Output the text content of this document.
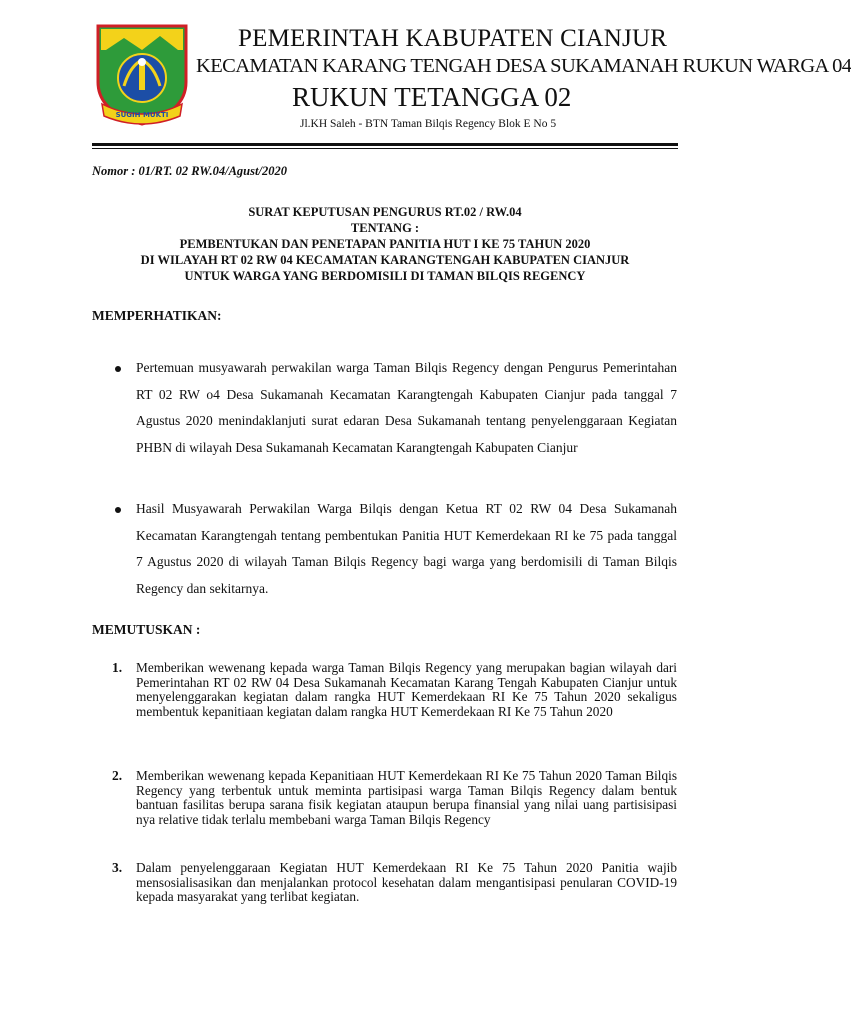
SUGIH MUKTI
PEMERINTAH KABUPATEN CIANJUR
KECAMATAN KARANG TENGAH DESA SUKAMANAH RUKUN WARGA 04
RUKUN TETANGGA 02
Jl.KH Saleh - BTN Taman Bilqis Regency Blok E No 5
Nomor : 01/RT. 02 RW.04/Agust/2020
SURAT KEPUTUSAN PENGURUS RT.02 / RW.04
TENTANG :
PEMBENTUKAN DAN PENETAPAN PANITIA HUT I KE 75 TAHUN 2020
DI WILAYAH RT 02 RW 04 KECAMATAN KARANGTENGAH KABUPATEN CIANJUR
UNTUK WARGA YANG BERDOMISILI DI TAMAN BILQIS REGENCY
MEMPERHATIKAN:
Pertemuan musyawarah perwakilan warga Taman Bilqis Regency dengan Pengurus Pemerintahan RT 02 RW o4 Desa Sukamanah Kecamatan Karangtengah Kabupaten Cianjur pada tanggal 7 Agustus 2020 menindaklanjuti surat edaran Desa Sukamanah tentang penyelenggaraan Kegiatan PHBN di wilayah Desa Sukamanah Kecamatan Karangtengah Kabupaten Cianjur
Hasil Musyawarah Perwakilan Warga Bilqis dengan Ketua RT 02 RW 04 Desa Sukamanah Kecamatan Karangtengah tentang pembentukan Panitia HUT Kemerdekaan RI ke 75 pada tanggal 7 Agustus 2020 di wilayah Taman Bilqis Regency bagi warga yang berdomisili di Taman Bilqis Regency dan sekitarnya.
MEMUTUSKAN :
1. Memberikan wewenang kepada warga Taman Bilqis Regency yang merupakan bagian wilayah dari Pemerintahan RT 02 RW 04 Desa Sukamanah Kecamatan Karang Tengah Kabupaten Cianjur untuk menyelenggarakan kegiatan dalam rangka HUT Kemerdekaan RI Ke 75 Tahun 2020 sekaligus membentuk kepanitiaan kegiatan dalam rangka HUT Kemerdekaan RI Ke 75 Tahun 2020
2. Memberikan wewenang kepada Kepanitiaan HUT Kemerdekaan RI Ke 75 Tahun 2020 Taman Bilqis Regency yang terbentuk untuk meminta partisipasi warga Taman Bilqis Regency dalam bentuk bantuan fasilitas berupa sarana fisik kegiatan ataupun berupa finansial yang nilai uang partisisipasi nya relative tidak terlalu membebani warga Taman Bilqis Regency
3. Dalam penyelenggaraan Kegiatan HUT Kemerdekaan RI Ke 75 Tahun 2020 Panitia wajib mensosialisasikan dan menjalankan protocol kesehatan dalam mengantisipasi penularan COVID-19 kepada masyarakat yang terlibat kegiatan.
